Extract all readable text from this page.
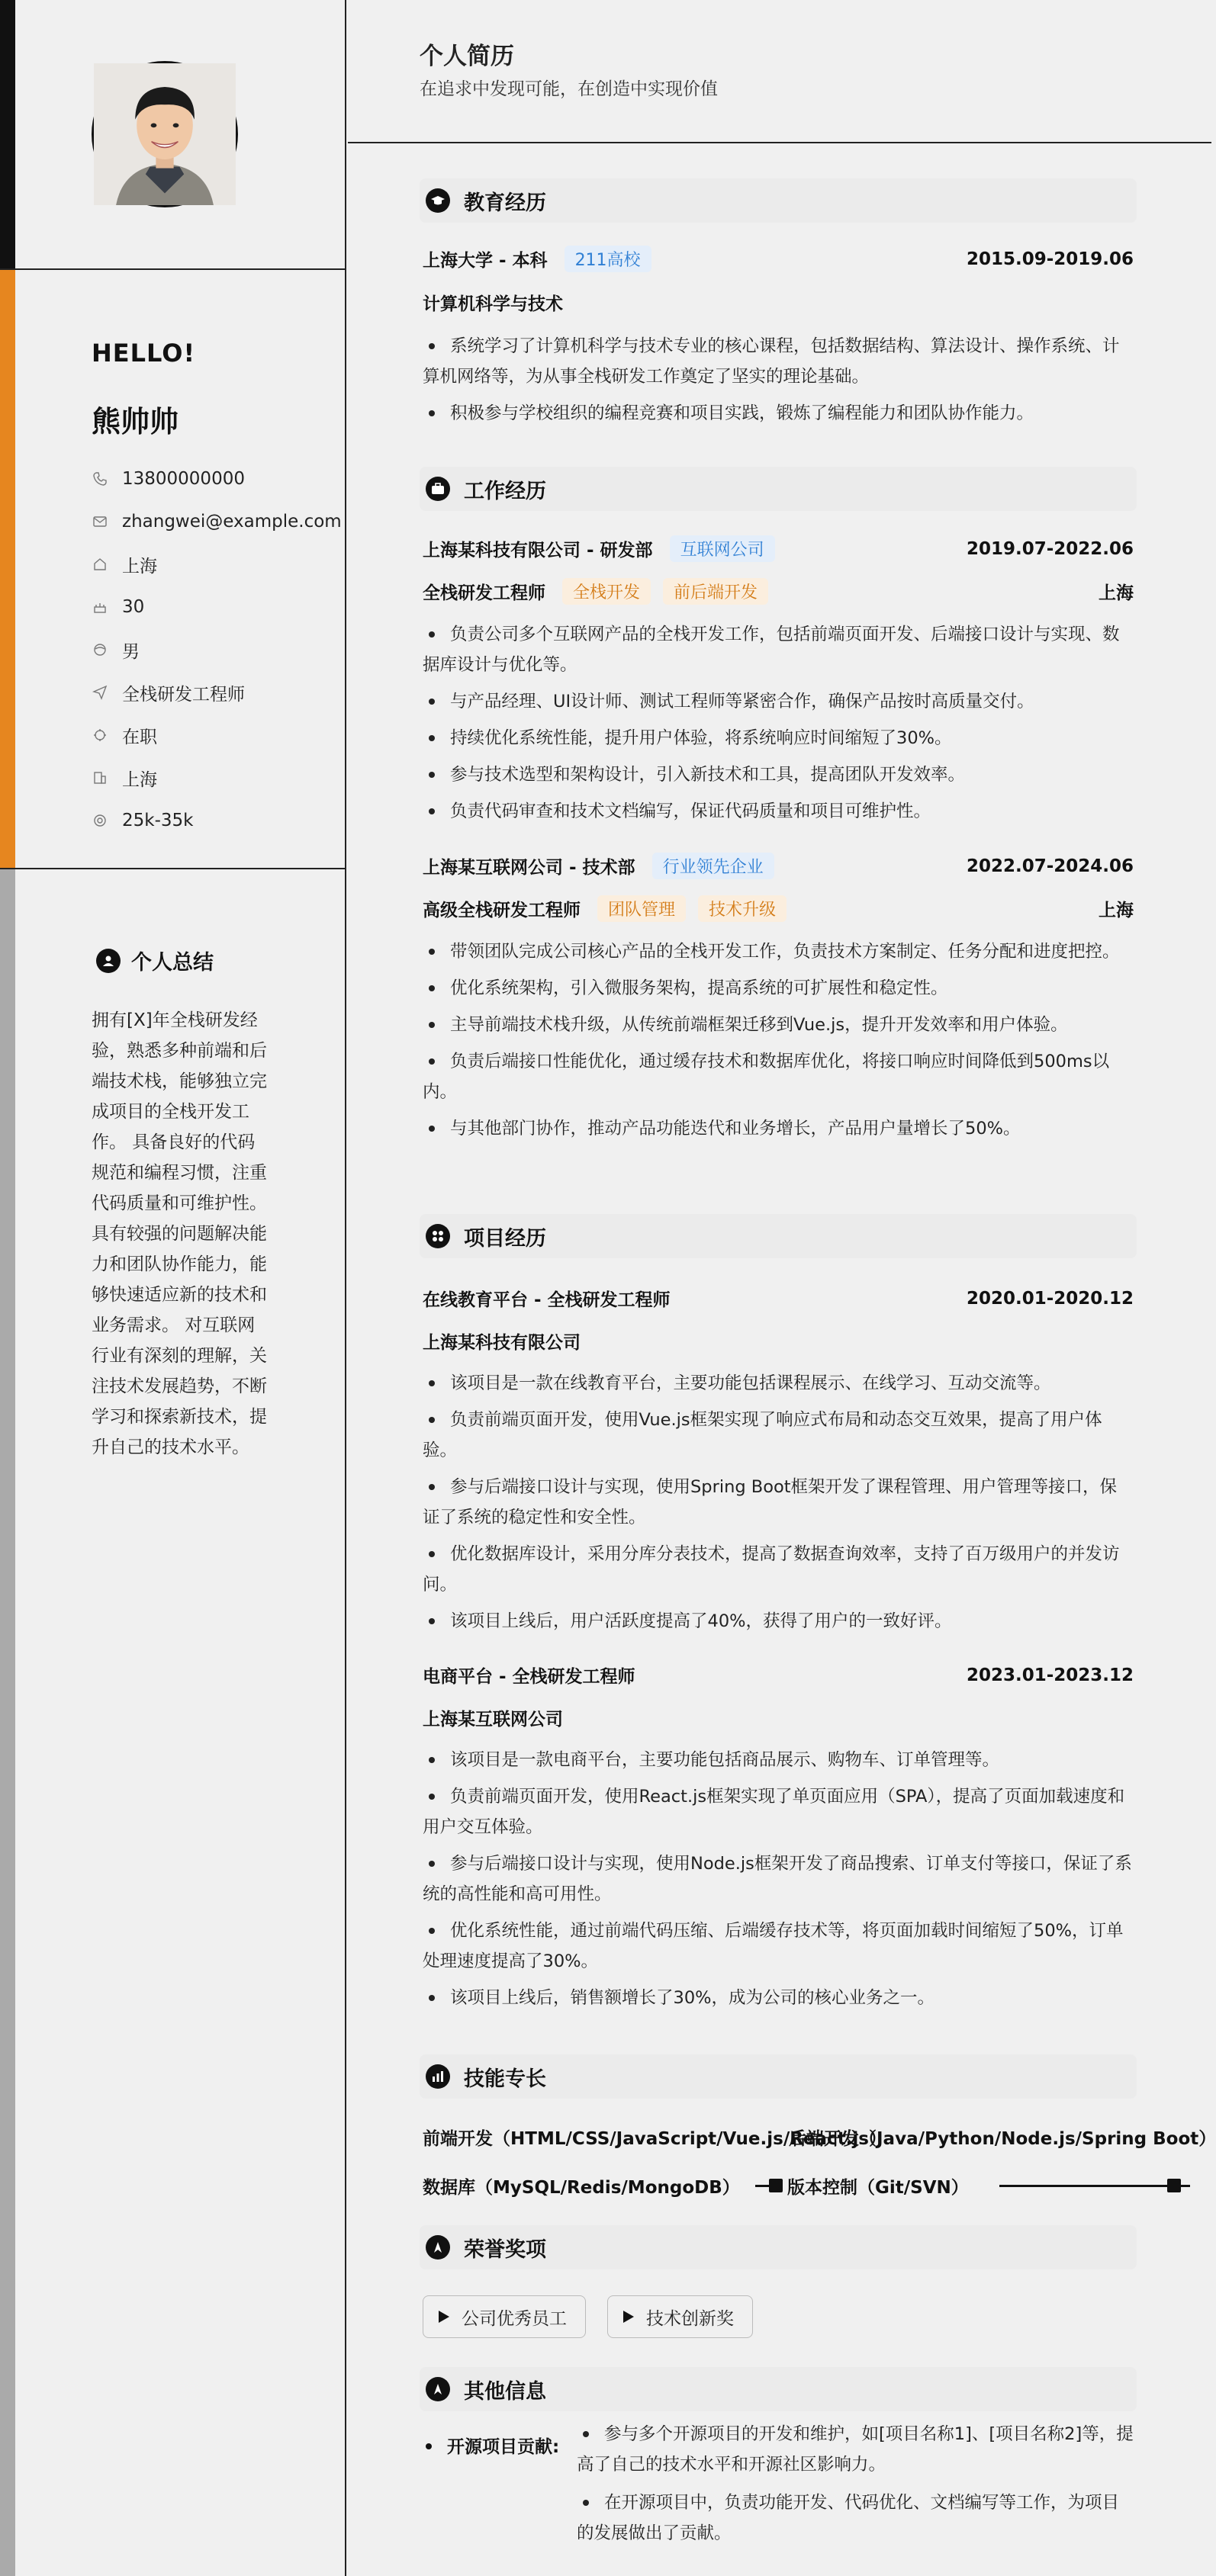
HELLO!
熊帅帅
13800000000
zhangwei@example.com
上海
30
男
全栈研发工程师
在职
上海
25k-35k
个人总结
拥有[X]年全栈研发经验，熟悉多种前端和后端技术栈，能够独立完成项目的全栈开发工作。 具备良好的代码规范和编程习惯，注重代码质量和可维护性。 具有较强的问题解决能力和团队协作能力，能够快速适应新的技术和业务需求。 对互联网行业有深刻的理解，关注技术发展趋势，不断学习和探索新技术，提升自己的技术水平。
个人简历
在追求中发现可能，在创造中实现价值
教育经历
上海大学 - 本科	211高校	2015.09-2019.06
计算机科学与技术
系统学习了计算机科学与技术专业的核心课程，包括数据结构、算法设计、操作系统、计算机网络等，为从事全栈研发工作奠定了坚实的理论基础。
积极参与学校组织的编程竞赛和项目实践，锻炼了编程能力和团队协作能力。
工作经历
上海某科技有限公司 - 研发部	互联网公司	2019.07-2022.06
全栈研发工程师	全栈开发	前后端开发	上海
负责公司多个互联网产品的全栈开发工作，包括前端页面开发、后端接口设计与实现、数据库设计与优化等。
与产品经理、UI设计师、测试工程师等紧密合作，确保产品按时高质量交付。
持续优化系统性能，提升用户体验，将系统响应时间缩短了30%。
参与技术选型和架构设计，引入新技术和工具，提高团队开发效率。
负责代码审查和技术文档编写，保证代码质量和项目可维护性。
上海某互联网公司 - 技术部	行业领先企业	2022.07-2024.06
高级全栈研发工程师	团队管理	技术升级	上海
带领团队完成公司核心产品的全栈开发工作，负责技术方案制定、任务分配和进度把控。
优化系统架构，引入微服务架构，提高系统的可扩展性和稳定性。
主导前端技术栈升级，从传统前端框架迁移到Vue.js，提升开发效率和用户体验。
负责后端接口性能优化，通过缓存技术和数据库优化，将接口响应时间降低到500ms以内。
与其他部门协作，推动产品功能迭代和业务增长，产品用户量增长了50%。
项目经历
在线教育平台 - 全栈研发工程师	2020.01-2020.12
上海某科技有限公司
该项目是一款在线教育平台，主要功能包括课程展示、在线学习、互动交流等。
负责前端页面开发，使用Vue.js框架实现了响应式布局和动态交互效果，提高了用户体验。
参与后端接口设计与实现，使用Spring Boot框架开发了课程管理、用户管理等接口，保证了系统的稳定性和安全性。
优化数据库设计，采用分库分表技术，提高了数据查询效率，支持了百万级用户的并发访问。
该项目上线后，用户活跃度提高了40%，获得了用户的一致好评。
电商平台 - 全栈研发工程师	2023.01-2023.12
上海某互联网公司
该项目是一款电商平台，主要功能包括商品展示、购物车、订单管理等。
负责前端页面开发，使用React.js框架实现了单页面应用（SPA），提高了页面加载速度和用户交互体验。
参与后端接口设计与实现，使用Node.js框架开发了商品搜索、订单支付等接口，保证了系统的高性能和高可用性。
优化系统性能，通过前端代码压缩、后端缓存技术等，将页面加载时间缩短了50%，订单处理速度提高了30%。
该项目上线后，销售额增长了30%，成为公司的核心业务之一。
技能专长
前端开发（HTML/CSS/JavaScript/Vue.js/React.js）
后端开发（Java/Python/Node.js/Spring Boot）
数据库（MySQL/Redis/MongoDB）	版本控制（Git/SVN）
荣誉奖项
公司优秀员工	技术创新奖
其他信息
开源项目贡献:
参与多个开源项目的开发和维护，如[项目名称1]、[项目名称2]等，提高了自己的技术水平和开源社区影响力。
在开源项目中，负责功能开发、代码优化、文档编写等工作，为项目的发展做出了贡献。
